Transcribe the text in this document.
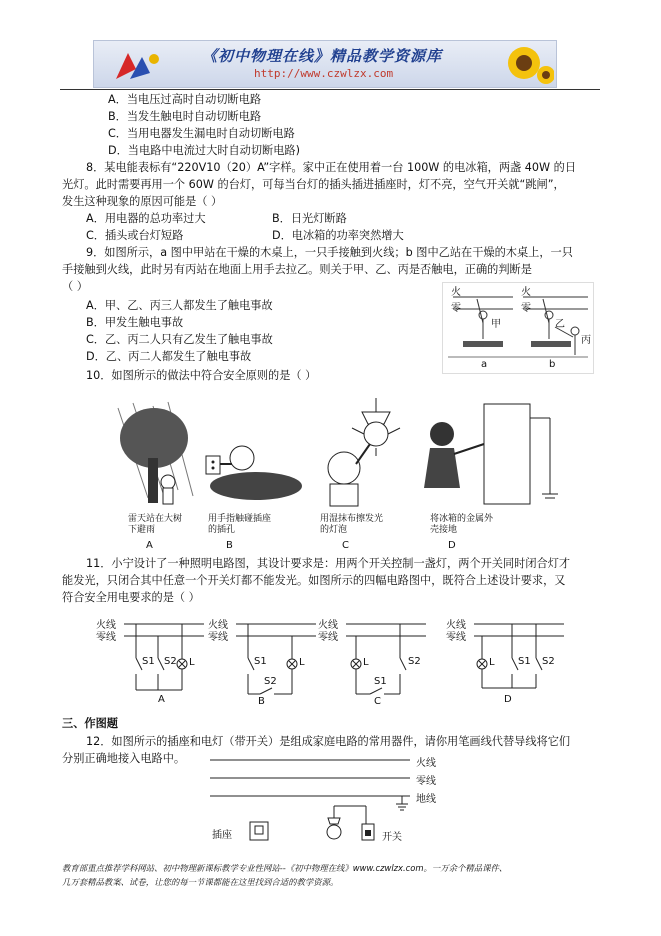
《初中物理在线》精品教学资源库
http://www.czwlzx.com
A．当电压过高时自动切断电路
B．当发生触电时自动切断电路
C．当用电器发生漏电时自动切断电路
D．当电路中电流过大时自动切断电路)
8．某电能表标有“220V10（20）A”字样。家中正在使用着一台 100W 的电冰箱，两盏 40W 的日
光灯。此时需要再用一个 60W 的台灯，可每当台灯的插头插进插座时，灯不亮，空气开关就“跳闸”，
发生这种现象的原因可能是（ ）
A．用电器的总功率过大	B．日光灯断路
C．插头或台灯短路	D．电冰箱的功率突然增大
9．如图所示，a 图中甲站在干燥的木桌上，一只手接触到火线；b 图中乙站在干燥的木桌上，一只
手接触到火线，此时另有丙站在地面上用手去拉乙。则关于甲、乙、丙是否触电，正确的判断是
（ ）
A．甲、乙、丙三人都发生了触电事故
B．甲发生触电事故
C．乙、丙二人只有乙发生了触电事故
D．乙、丙二人都发生了触电事故
火
零
火
零
甲	乙
丙
a	b
10．如图所示的做法中符合安全原则的是（ ）
雷天站在大树下避雨
A
用手指触碰插座的插孔
B
用湿抹布擦发光的灯泡
C
将冰箱的金属外壳接地
D
11．小宁设计了一种照明电路图，其设计要求是：用两个开关控制一盏灯，两个开关同时闭合灯才
能发光，只闭合其中任意一个开关灯都不能发光。如图所示的四幅电路图中，既符合上述设计要求，又
符合安全用电要求的是（ ）
火线
零线
S1 S2 L
A
火线
零线
S1
S2
L
B
火线
零线
L
S1
S2
C
火线
零线
L S1 S2
D
三、作图题
12．如图所示的插座和电灯（带开关）是组成家庭电路的常用器件，请你用笔画线代替导线将它们
分别正确地接入电路中。	火线
零线
地线
插座	开关
教育部重点推荐学科网站、初中物理新课标教学专业性网站--《初中物理在线》www.czwlzx.com。一万余个精品课件、
几万套精品教案、试卷，让您的每一节课都能在这里找到合适的教学资源。
